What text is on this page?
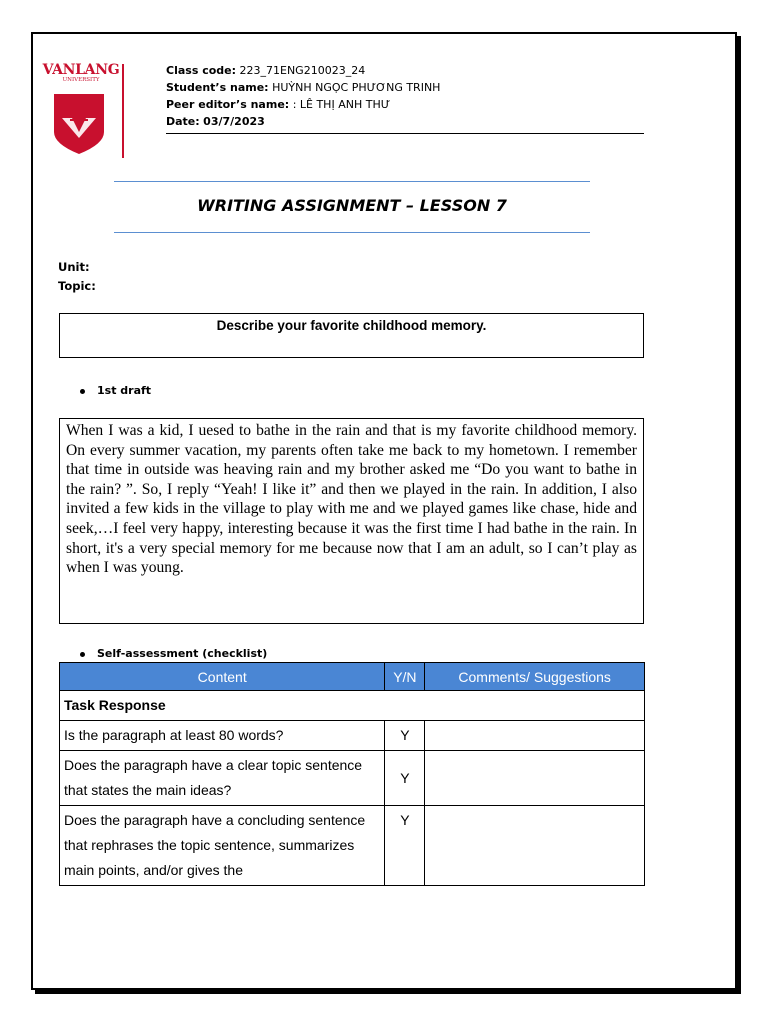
VANLANG
UNIVERSITY
Class code: 223_71ENG210023_24
Student’s name: HUỲNH NGỌC PHƯƠNG TRINH
Peer editor’s name: : LÊ THỊ ANH THƯ
Date: 03/7/2023
WRITING ASSIGNMENT – LESSON 7
Unit:
Topic:
Describe your favorite childhood memory.
1st draft
When I was a kid, I uesed to bathe in the rain and that is my favorite childhood memory. On every summer vacation, my parents often take me back to my hometown. I remember that time in outside was heaving rain and my brother asked me “Do you want to bathe in the rain? ”. So, I reply “Yeah! I like it” and then we played in the rain. In addition, I also invited a few kids in the village to play with me and we played games like chase, hide and seek,…I feel very happy, interesting because it was the first time I had bathe in the rain. In short, it's a very special memory for me because now that I am an adult, so I can’t play as when I was young.
Self-assessment (checklist)
Content	Y/N	Comments/ Suggestions
Task Response		
Is the paragraph at least 80 words?	Y	
Does the paragraph have a clear topic sentence that states the main ideas?	Y	
Does the paragraph have a concluding sentence that rephrases the topic sentence, summarizes main points, and/or gives the	Y	
